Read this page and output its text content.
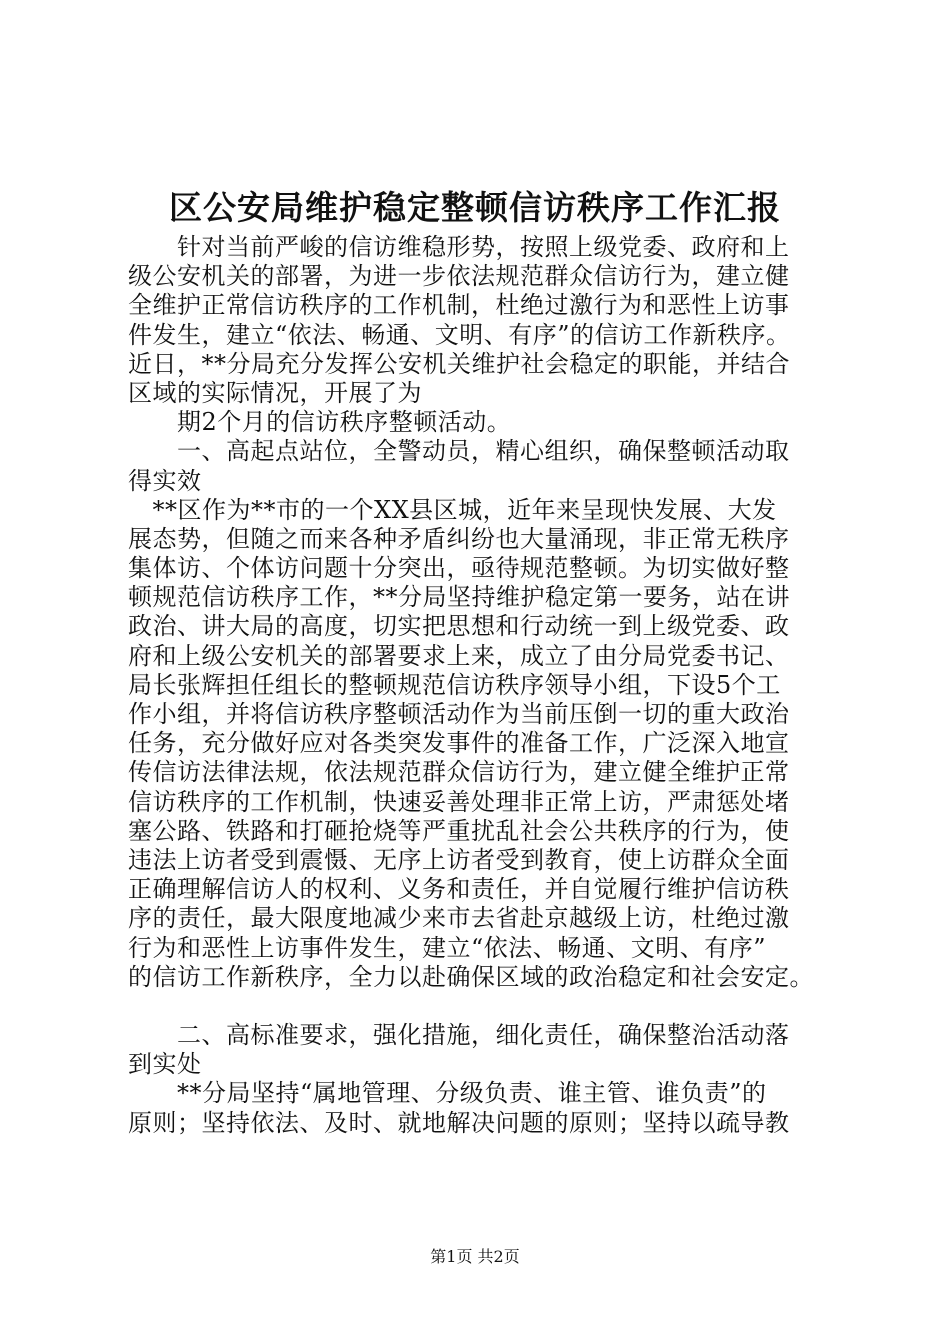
区公安局维护稳定整顿信访秩序工作汇报
　　针对当前严峻的信访维稳形势，按照上级党委、政府和上
级公安机关的部署，为进一步依法规范群众信访行为，建立健
全维护正常信访秩序的工作机制，杜绝过激行为和恶性上访事
件发生，建立“依法、畅通、文明、有序”的信访工作新秩序。
近日，**分局充分发挥公安机关维护社会稳定的职能，并结合
区域的实际情况，开展了为
　　期2个月的信访秩序整顿活动。
　　一、高起点站位，全警动员，精心组织，确保整顿活动取
得实效
　**区作为**市的一个XX县区城，近年来呈现快发展、大发
展态势，但随之而来各种矛盾纠纷也大量涌现，非正常无秩序
集体访、个体访问题十分突出，亟待规范整顿。为切实做好整
顿规范信访秩序工作，**分局坚持维护稳定第一要务，站在讲
政治、讲大局的高度，切实把思想和行动统一到上级党委、政
府和上级公安机关的部署要求上来，成立了由分局党委书记、
局长张辉担任组长的整顿规范信访秩序领导小组，下设5个工
作小组，并将信访秩序整顿活动作为当前压倒一切的重大政治
任务，充分做好应对各类突发事件的准备工作，广泛深入地宣
传信访法律法规，依法规范群众信访行为，建立健全维护正常
信访秩序的工作机制，快速妥善处理非正常上访，严肃惩处堵
塞公路、铁路和打砸抢烧等严重扰乱社会公共秩序的行为，使
违法上访者受到震慑、无序上访者受到教育，使上访群众全面
正确理解信访人的权利、义务和责任，并自觉履行维护信访秩
序的责任，最大限度地减少来市去省赴京越级上访，杜绝过激
行为和恶性上访事件发生，建立“依法、畅通、文明、有序”
的信访工作新秩序，全力以赴确保区域的政治稳定和社会安定。
　　二、高标准要求，强化措施，细化责任，确保整治活动落
到实处
　　**分局坚持“属地管理、分级负责、谁主管、谁负责”的
原则；坚持依法、及时、就地解决问题的原则；坚持以疏导教
第1页 共2页
